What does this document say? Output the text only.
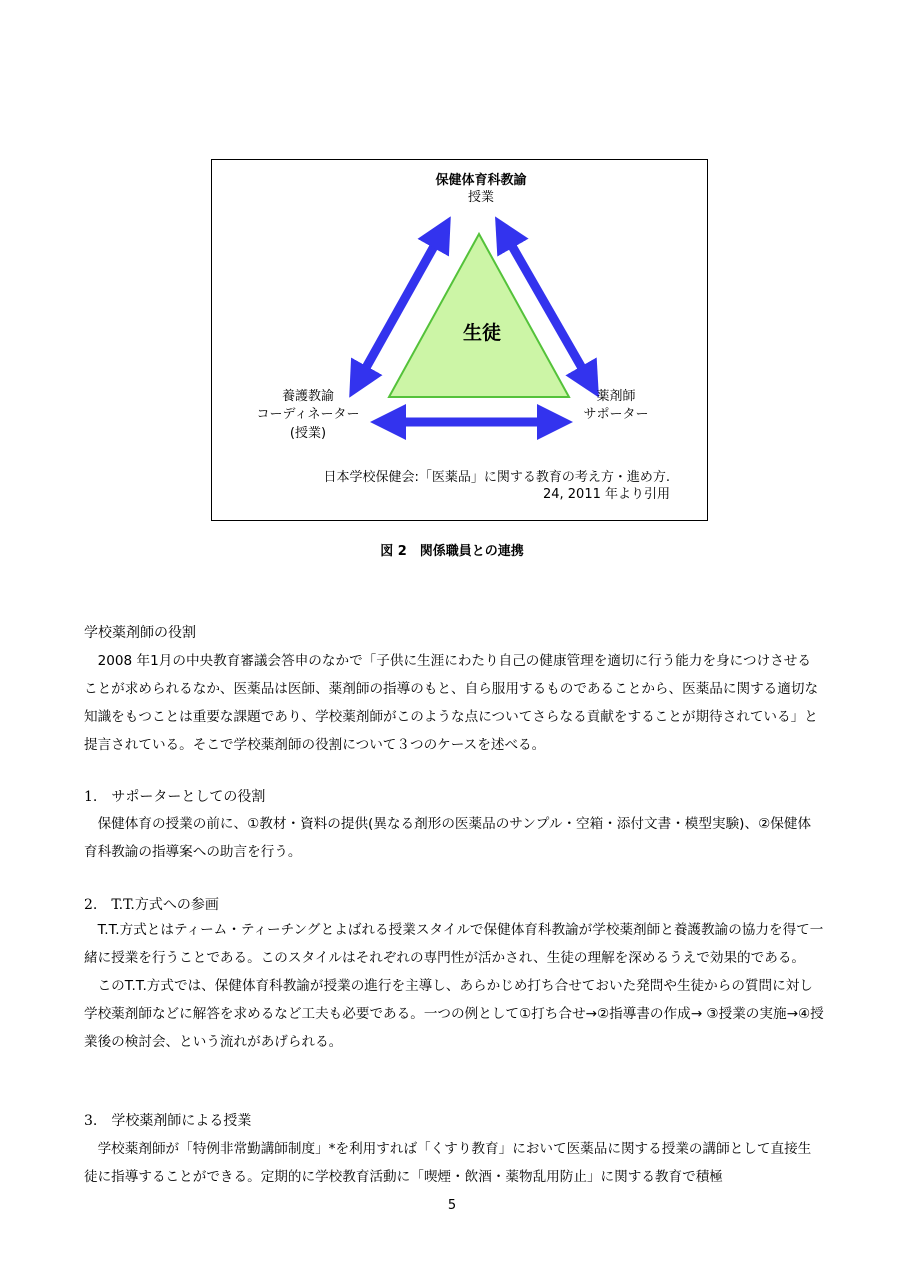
保健体育科教諭
授業
生徒
養護教諭
コーディネーター
(授業)
薬剤師
サポーター
日本学校保健会:「医薬品」に関する教育の考え方・進め方.
24, 2011 年より引用
図 2　関係職員との連携
学校薬剤師の役割

2008 年1月の中央教育審議会答申のなかで「子供に生涯にわたり自己の健康管理を適切に行う能力を身につけさせることが求められるなか、医薬品は医師、薬剤師の指導のもと、自ら服用するものであることから、医薬品に関する適切な知識をもつことは重要な課題であり、学校薬剤師がこのような点についてさらなる貢献をすることが期待されている」と提言されている。そこで学校薬剤師の役割について３つのケースを述べる。

1.　サポーターとしての役割

保健体育の授業の前に、①教材・資料の提供(異なる剤形の医薬品のサンプル・空箱・添付文書・模型実験)、②保健体育科教諭の指導案への助言を行う。

2.　T.T.方式への参画

T.T.方式とはティーム・ティーチングとよばれる授業スタイルで保健体育科教諭が学校薬剤師と養護教諭の協力を得て一緒に授業を行うことである。このスタイルはそれぞれの専門性が活かされ、生徒の理解を深めるうえで効果的である。

このT.T.方式では、保健体育科教諭が授業の進行を主導し、あらかじめ打ち合せておいた発問や生徒からの質問に対し学校薬剤師などに解答を求めるなど工夫も必要である。一つの例として①打ち合せ→②指導書の作成→ ③授業の実施→④授業後の検討会、という流れがあげられる。

3.　学校薬剤師による授業

学校薬剤師が「特例非常勤講師制度」*を利用すれば「くすり教育」において医薬品に関する授業の講師として直接生徒に指導することができる。定期的に学校教育活動に「喫煙・飲酒・薬物乱用防止」に関する教育で積極

5
